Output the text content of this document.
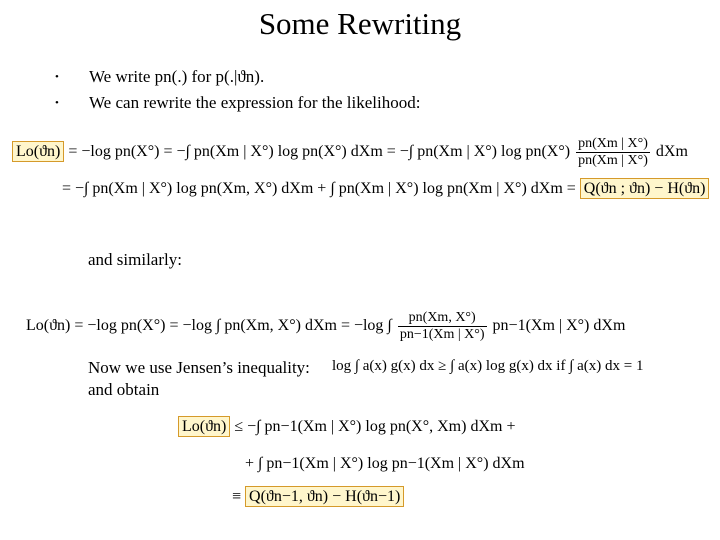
Some Rewriting
•	We write pn(.) for p(.|ϑn).
•	We can rewrite the expression for the likelihood:
Lo(ϑn) = −log pn(X°) = −∫ pn(Xm | X°) log pn(X°) dXm = −∫ pn(Xm | X°) $\log pn(X^\circ) \frac{pn(Xm | X^\circ)}{pn(Xm | X^\circ)}$ dXm
= −∫ pn(Xm | X°) log pn(Xm, X°) dXm + ∫ pn(Xm | X°) log pn(Xm | X°) dXm = Q(ϑn ; ϑn) − H(ϑn)
and similarly:
Lo(ϑn) = −log pn(X°) = −log ∫ pn(Xm, X°) dXm = −log ∫ $\frac{pn(Xm, X^\circ)}{pn-1(Xm | X^\circ)} pn-1(Xm$ | X°) dXm
Now we use Jensen’s inequality: log ∫ a(x) g(x) dx ≥ ∫ a(x) log g(x) dx if ∫ a(x) dx = 1
and obtain
Lo(ϑn) ≤ −∫ pn−1(Xm | X°) log pn(X°, Xm) dXm +
+ ∫ pn−1(Xm | X°) log pn−1(Xm | X°) dXm
≡ Q(ϑn−1, ϑn) − H(ϑn−1)
